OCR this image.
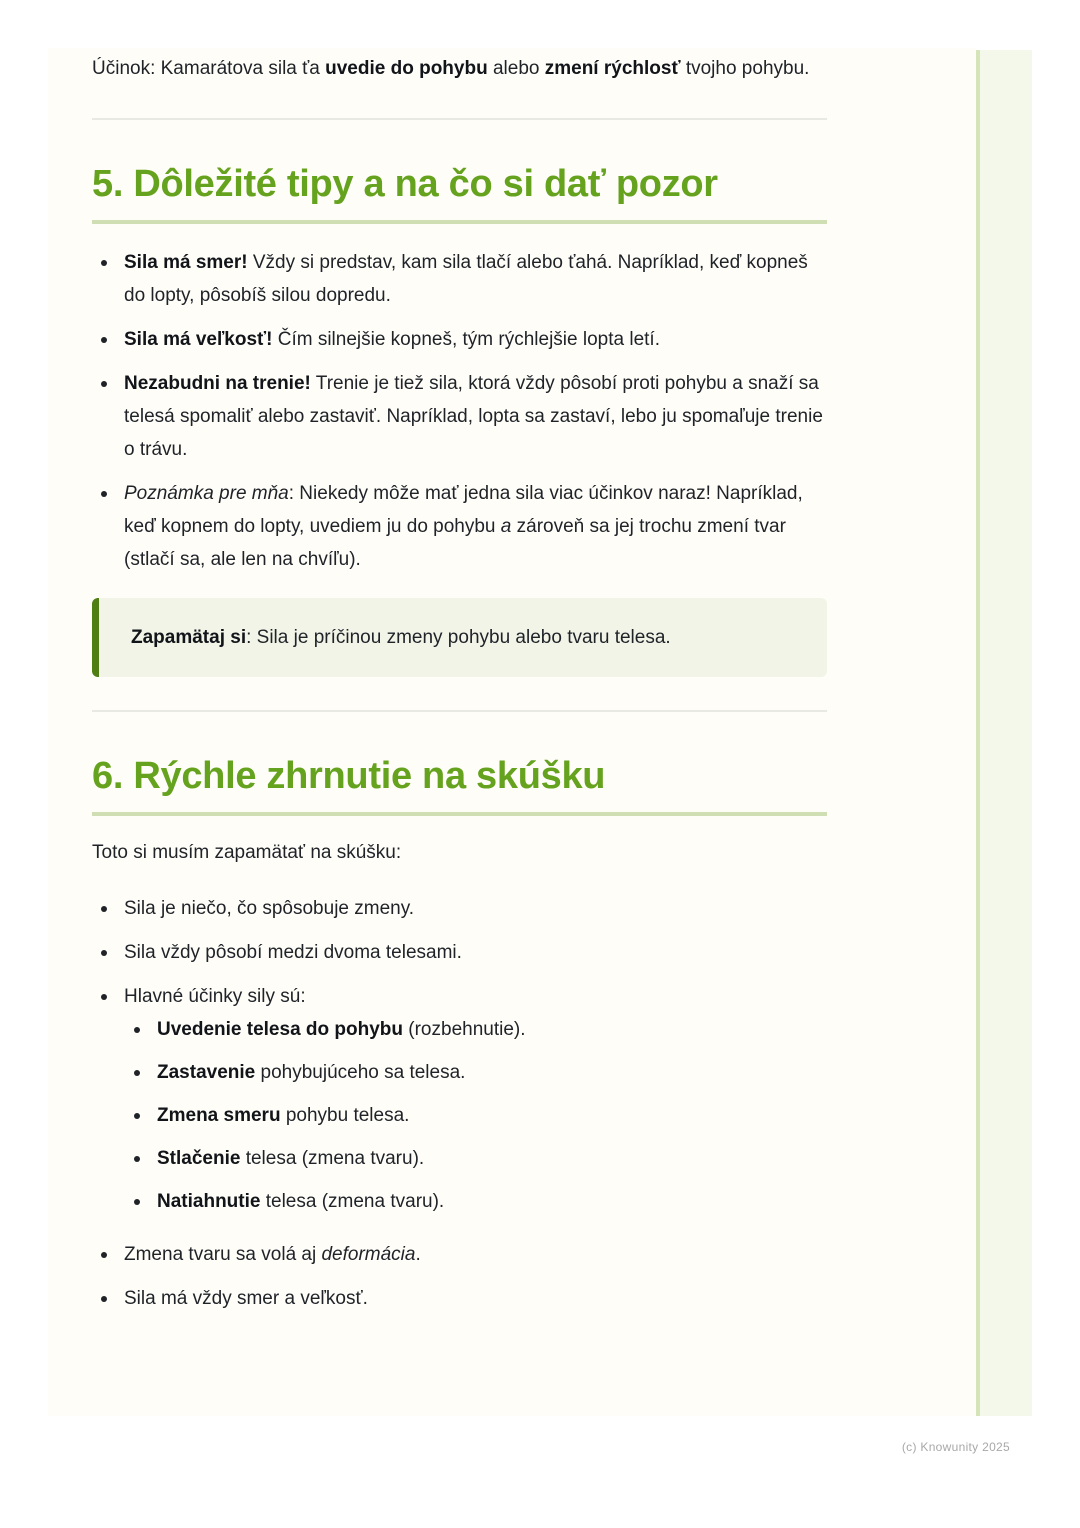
Účinok: Kamarátova sila ťa uvedie do pohybu alebo zmení rýchlosť tvojho pohybu.

5. Dôležité tipy a na čo si dať pozor
Sila má smer! Vždy si predstav, kam sila tlačí alebo ťahá. Napríklad, keď kopneš do lopty, pôsobíš silou dopredu.
Sila má veľkosť! Čím silnejšie kopneš, tým rýchlejšie lopta letí.
Nezabudni na trenie! Trenie je tiež sila, ktorá vždy pôsobí proti pohybu a snaží sa telesá spomaliť alebo zastaviť. Napríklad, lopta sa zastaví, lebo ju spomaľuje trenie o trávu.
Poznámka pre mňa: Niekedy môže mať jedna sila viac účinkov naraz! Napríklad, keď kopnem do lopty, uvediem ju do pohybu a zároveň sa jej trochu zmení tvar (stlačí sa, ale len na chvíľu).
Zapamätaj si: Sila je príčinou zmeny pohybu alebo tvaru telesa.
6. Rýchle zhrnutie na skúšku

Toto si musím zapamätať na skúšku:

Sila je niečo, čo spôsobuje zmeny.
Sila vždy pôsobí medzi dvoma telesami.
Hlavné účinky sily sú:
Uvedenie telesa do pohybu (rozbehnutie).
Zastavenie pohybujúceho sa telesa.
Zmena smeru pohybu telesa.
Stlačenie telesa (zmena tvaru).
Natiahnutie telesa (zmena tvaru).
Zmena tvaru sa volá aj deformácia.
Sila má vždy smer a veľkosť.
(c) Knowunity 2025
